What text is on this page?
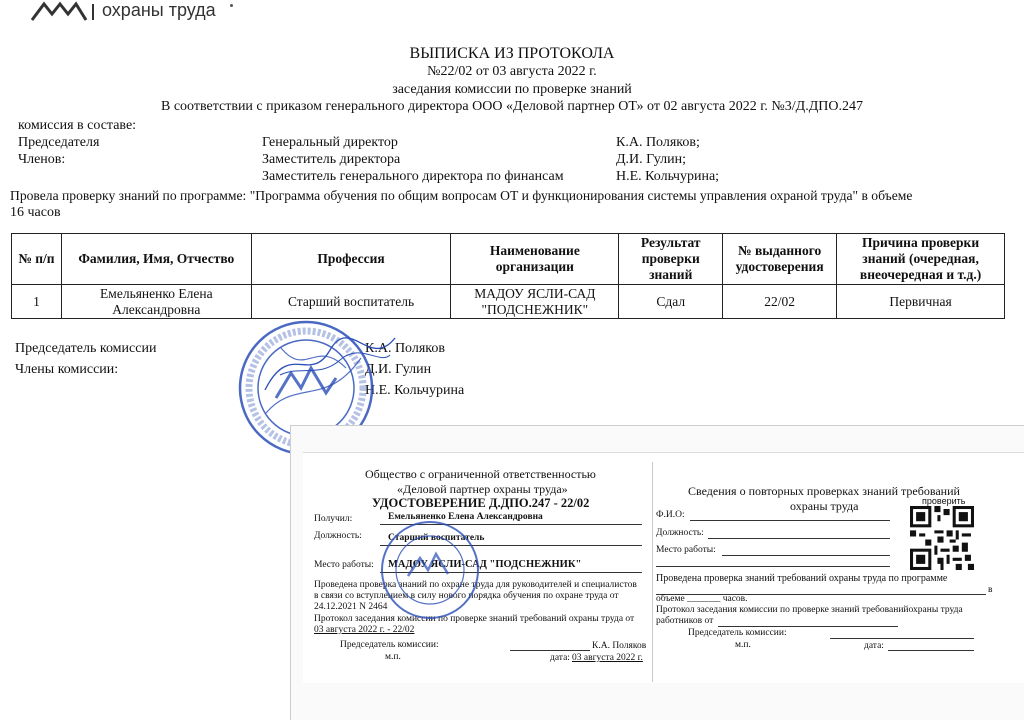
охраны труда
ВЫПИСКА ИЗ ПРОТОКОЛА
№22/02 от 03 августа 2022 г.
заседания комиссии по проверке знаний
В соответствии с приказом генерального директора ООО «Деловой партнер ОТ» от 02 августа 2022 г. №3/Д.ДПО.247
комиссия в составе:
Председателя	Генеральный директор	К.А. Поляков;
Членов:	Заместитель директора	Д.И. Гулин;
Заместитель генерального директора по финансам	Н.Е. Кольчурина;
Провела проверку знаний по программе: "Программа обучения по общим вопросам ОТ и функционирования системы управления охраной труда" в объеме
16 часов
№ п/п	Фамилия, Имя, Отчество	Профессия	Наименование организации	Результат проверки знаний	№ выданного удостоверения	Причина проверки знаний (очередная, внеочередная и т.д.)
1	Емельяненко Елена Александровна	Старший воспитатель	МАДОУ ЯСЛИ-САД "ПОДСНЕЖНИК"	Сдал	22/02	Первичная
Председатель комиссии	К.А. Поляков
Члены комиссии:	Д.И. Гулин
Н.Е. Кольчурина
Общество с ограниченной ответственностью
«Деловой партнер охраны труда»
УДОСТОВЕРЕНИЕ Д.ДПО.247 - 22/02
Получил:	Емельяненко Елена Александровна
Должность:	Старший воспитатель
Место работы: МАДОУ ЯСЛИ-САД "ПОДСНЕЖНИК"
Проведена проверка знаний по охране труда для руководителей и специалистов
в связи со вступлением в силу нового порядка обучения по охране труда от
24.12.2021 N 2464
Протокол заседания комиссии по проверке знаний требований охраны труда от
03 августа 2022 г. - 22/02
Председатель комиссии:	К.А. Поляков
м.п.	дата: 03 августа 2022 г.
Сведения о повторных проверках знаний требований
охраны труда	проверить
Ф.И.О:
Должность:
Место работы:
Проведена проверка знаний требований охраны труда по программе
в
объеме _______ часов.
Протокол заседания комиссии по проверке знаний требованийохраны труда
работников от
Председатель комиссии:
м.п.	дата:
